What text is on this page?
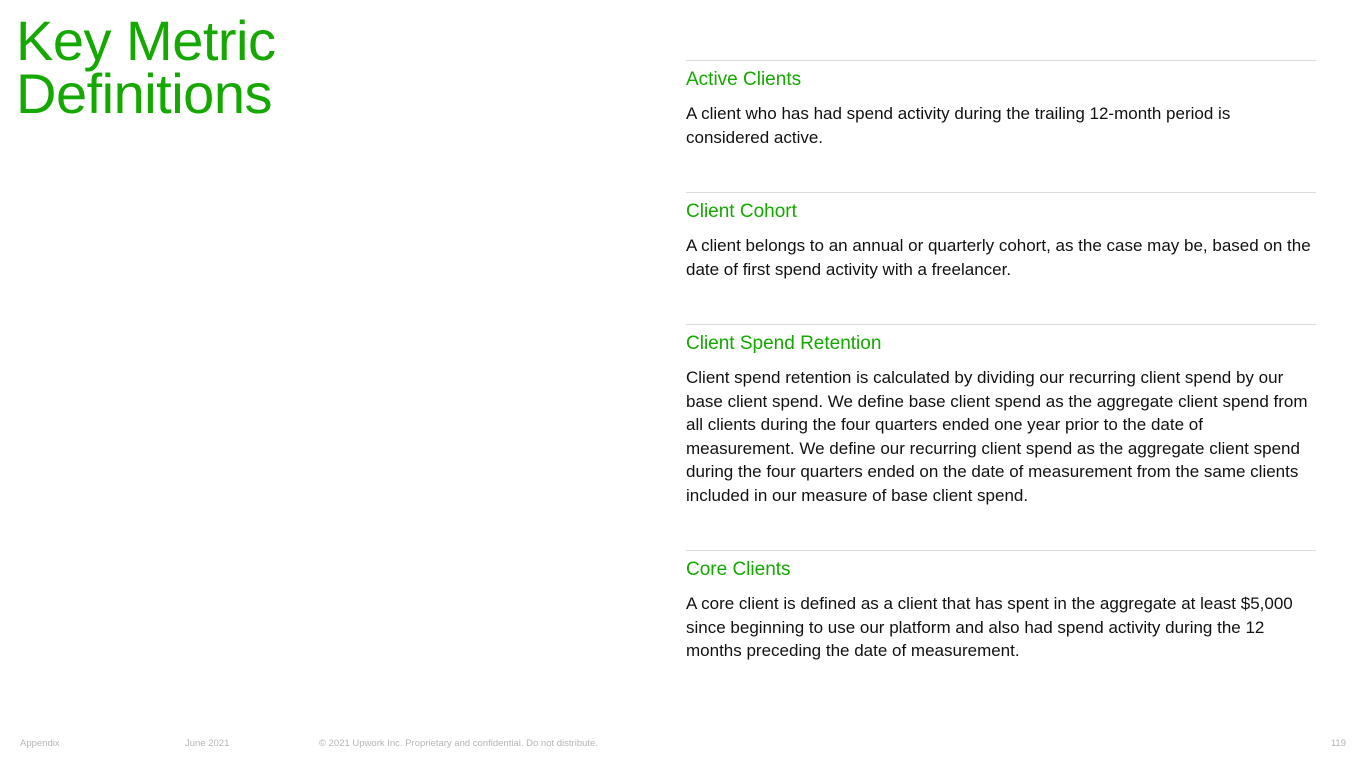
Key Metric
Definitions	Active Clients

A client who has had spend activity during the trailing 12-month period is considered active.

Client Cohort

A client belongs to an annual or quarterly cohort, as the case may be, based on the date of first spend activity with a freelancer.

Client Spend Retention

Client spend retention is calculated by dividing our recurring client spend by our base client spend. We define base client spend as the aggregate client spend from all clients during the four quarters ended one year prior to the date of measurement. We define our recurring client spend as the aggregate client spend during the four quarters ended on the date of measurement from the same clients included in our measure of base client spend.

Core Clients

A core client is defined as a client that has spent in the aggregate at least $5,000 since beginning to use our platform and also had spend activity during the 12 months preceding the date of measurement.

Appendix	June 2021	© 2021 Upwork Inc. Proprietary and confidential. Do not distribute.	119
